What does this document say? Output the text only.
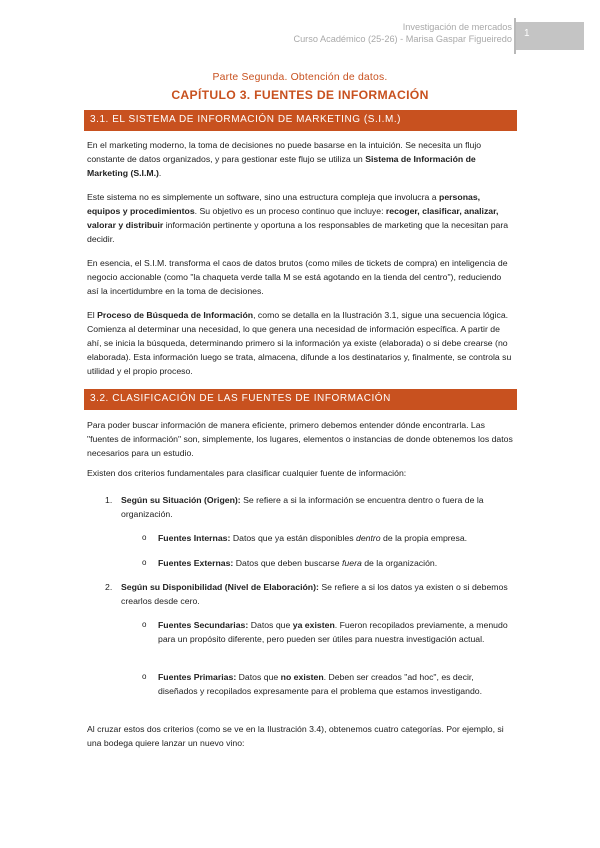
Investigación de mercados
Curso Académico (25-26) - Marisa Gaspar Figueiredo 1
Parte Segunda. Obtención de datos.
CAPÍTULO 3. FUENTES DE INFORMACIÓN
3.1. EL SISTEMA DE INFORMACIÓN DE MARKETING (S.I.M.)

En el marketing moderno, la toma de decisiones no puede basarse en la intuición. Se necesita un flujo constante de datos organizados, y para gestionar este flujo se utiliza un Sistema de Información de Marketing (S.I.M.).

Este sistema no es simplemente un software, sino una estructura compleja que involucra a personas, equipos y procedimientos. Su objetivo es un proceso continuo que incluye: recoger, clasificar, analizar, valorar y distribuir información pertinente y oportuna a los responsables de marketing que la necesitan para decidir.

En esencia, el S.I.M. transforma el caos de datos brutos (como miles de tickets de compra) en inteligencia de negocio accionable (como "la chaqueta verde talla M se está agotando en la tienda del centro"), reduciendo así la incertidumbre en la toma de decisiones.

El Proceso de Búsqueda de Información, como se detalla en la Ilustración 3.1, sigue una secuencia lógica. Comienza al determinar una necesidad, lo que genera una necesidad de información específica. A partir de ahí, se inicia la búsqueda, determinando primero si la información ya existe (elaborada) o si debe crearse (no elaborada). Esta información luego se trata, almacena, difunde a los destinatarios y, finalmente, se controla su utilidad y el propio proceso.

3.2. CLASIFICACIÓN DE LAS FUENTES DE INFORMACIÓN

Para poder buscar información de manera eficiente, primero debemos entender dónde encontrarla. Las "fuentes de información" son, simplemente, los lugares, elementos o instancias de donde obtenemos los datos necesarios para un estudio.

Existen dos criterios fundamentales para clasificar cualquier fuente de información:

1. Según su Situación (Origen): Se refiere a si la información se encuentra dentro o fuera de la organización.

o Fuentes Internas: Datos que ya están disponibles dentro de la propia empresa.

o Fuentes Externas: Datos que deben buscarse fuera de la organización.

2. Según su Disponibilidad (Nivel de Elaboración): Se refiere a si los datos ya existen o si debemos crearlos desde cero.

o Fuentes Secundarias: Datos que ya existen. Fueron recopilados previamente, a menudo para un propósito diferente, pero pueden ser útiles para nuestra investigación actual.

o Fuentes Primarias: Datos que no existen. Deben ser creados "ad hoc", es decir, diseñados y recopilados expresamente para el problema que estamos investigando.

Al cruzar estos dos criterios (como se ve en la Ilustración 3.4), obtenemos cuatro categorías. Por ejemplo, si una bodega quiere lanzar un nuevo vino:
